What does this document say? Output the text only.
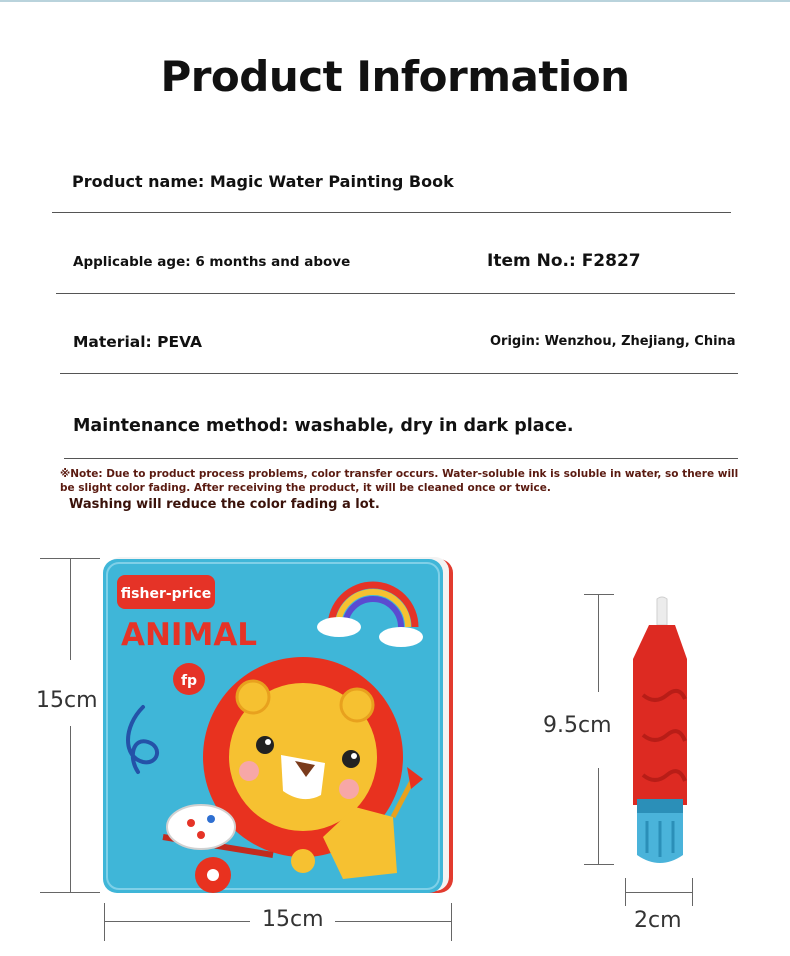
Product Information
Product name: Magic Water Painting Book
Applicable age: 6 months and above	Item No.: F2827
Material: PEVA	Origin: Wenzhou, Zhejiang, China
Maintenance method: washable, dry in dark place.
※Note: Due to product process problems, color transfer occurs. Water-soluble ink is soluble in water, so there will be slight color fading. After receiving the product, it will be cleaned once or twice.
Washing will reduce the color fading a lot.
15cm
15cm
9.5cm
2cm
fisher-price
ANIMAL
fp
